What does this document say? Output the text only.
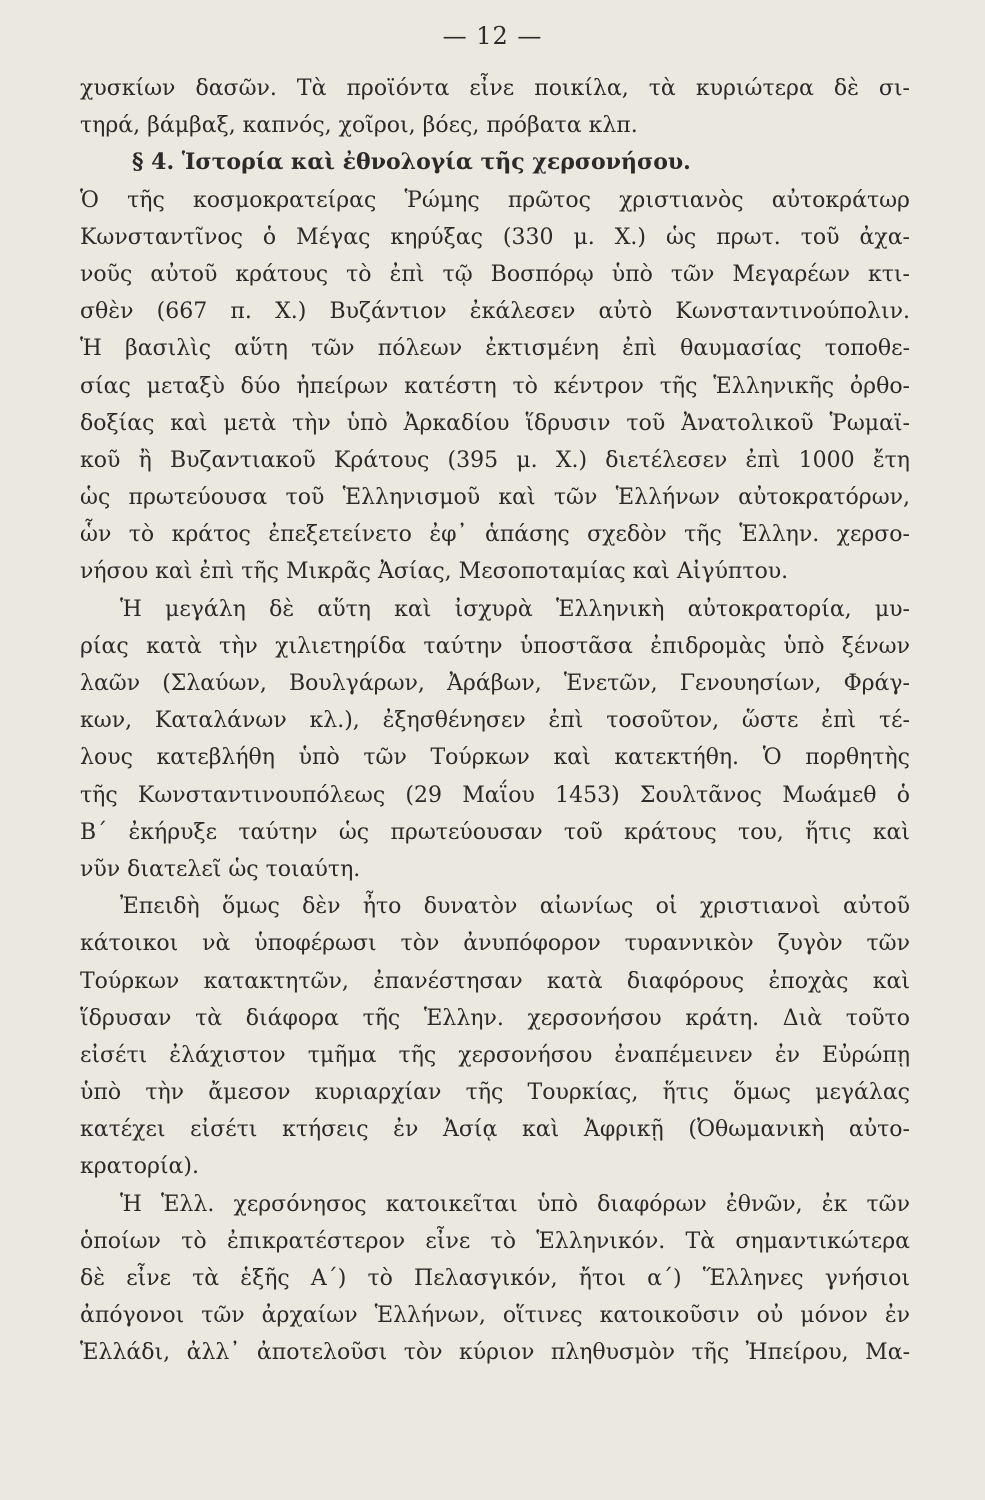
— 12 —
χυσκίων δασῶν. Τὰ προϊόντα εἶνε ποικίλα, τὰ κυριώτερα δὲ σι-
τηρά, βάμβαξ, καπνός, χοῖροι, βόες, πρόβατα κλπ.
§ 4. Ἱστορία καὶ ἐθνολογία τῆς χερσονήσου.
Ὁ τῆς κοσμοκρατείρας Ῥώμης πρῶτος χριστιανὸς αὐτοκράτωρ
Κωνσταντῖνος ὁ Μέγας κηρύξας (330 μ. Χ.) ὡς πρωτ. τοῦ ἀχα-
νοῦς αὐτοῦ κράτους τὸ ἐπὶ τῷ Βοσπόρῳ ὑπὸ τῶν Μεγαρέων κτι-
σθὲν (667 π. Χ.) Βυζάντιον ἐκάλεσεν αὐτὸ Κωνσταντινούπολιν.
Ἡ βασιλὶς αὕτη τῶν πόλεων ἐκτισμένη ἐπὶ θαυμασίας τοποθε-
σίας μεταξὺ δύο ἠπείρων κατέστη τὸ κέντρον τῆς Ἑλληνικῆς ὀρθο-
δοξίας καὶ μετὰ τὴν ὑπὸ Ἀρκαδίου ἵδρυσιν τοῦ Ἀνατολικοῦ Ῥωμαϊ-
κοῦ ἢ Βυζαντιακοῦ Κράτους (395 μ. Χ.) διετέλεσεν ἐπὶ 1000 ἔτη
ὡς πρωτεύουσα τοῦ Ἑλληνισμοῦ καὶ τῶν Ἑλλήνων αὐτοκρατόρων,
ὧν τὸ κράτος ἐπεξετείνετο ἐφ᾽ ἁπάσης σχεδὸν τῆς Ἑλλην. χερσο-
νήσου καὶ ἐπὶ τῆς Μικρᾶς Ἀσίας, Μεσοποταμίας καὶ Αἰγύπτου.
Ἡ μεγάλη δὲ αὕτη καὶ ἰσχυρὰ Ἑλληνικὴ αὐτοκρατορία, μυ-
ρίας κατὰ τὴν χιλιετηρίδα ταύτην ὑποστᾶσα ἐπιδρομὰς ὑπὸ ξένων
λαῶν (Σλαύων, Βουλγάρων, Ἀράβων, Ἑνετῶν, Γενουησίων, Φράγ-
κων, Καταλάνων κλ.), ἐξησθένησεν ἐπὶ τοσοῦτον, ὥστε ἐπὶ τέ-
λους κατεβλήθη ὑπὸ τῶν Τούρκων καὶ κατεκτήθη. Ὁ πορθητὴς
τῆς Κωνσταντινουπόλεως (29 Μαΐου 1453) Σουλτᾶνος Μωάμεθ ὁ
Β΄ ἐκήρυξε ταύτην ὡς πρωτεύουσαν τοῦ κράτους του, ἥτις καὶ
νῦν διατελεῖ ὡς τοιαύτη.
Ἐπειδὴ ὅμως δὲν ἦτο δυνατὸν αἰωνίως οἱ χριστιανοὶ αὐτοῦ
κάτοικοι νὰ ὑποφέρωσι τὸν ἀνυπόφορον τυραννικὸν ζυγὸν τῶν
Τούρκων κατακτητῶν, ἐπανέστησαν κατὰ διαφόρους ἐποχὰς καὶ
ἵδρυσαν τὰ διάφορα τῆς Ἑλλην. χερσονήσου κράτη. Διὰ τοῦτο
εἰσέτι ἐλάχιστον τμῆμα τῆς χερσονήσου ἐναπέμεινεν ἐν Εὐρώπῃ
ὑπὸ τὴν ἄμεσον κυριαρχίαν τῆς Τουρκίας, ἥτις ὅμως μεγάλας
κατέχει εἰσέτι κτήσεις ἐν Ἀσίᾳ καὶ Ἀφρικῇ (Ὀθωμανικὴ αὐτο-
κρατορία).
Ἡ Ἑλλ. χερσόνησος κατοικεῖται ὑπὸ διαφόρων ἐθνῶν, ἐκ τῶν
ὁποίων τὸ ἐπικρατέστερον εἶνε τὸ Ἑλληνικόν. Τὰ σημαντικώτερα
δὲ εἶνε τὰ ἑξῆς Α΄) τὸ Πελασγικόν, ἤτοι α΄) Ἕλληνες γνήσιοι
ἀπόγονοι τῶν ἀρχαίων Ἑλλήνων, οἵτινες κατοικοῦσιν οὐ μόνον ἐν
Ἑλλάδι, ἀλλ᾽ ἀποτελοῦσι τὸν κύριον πληθυσμὸν τῆς Ἠπείρου, Μα-
